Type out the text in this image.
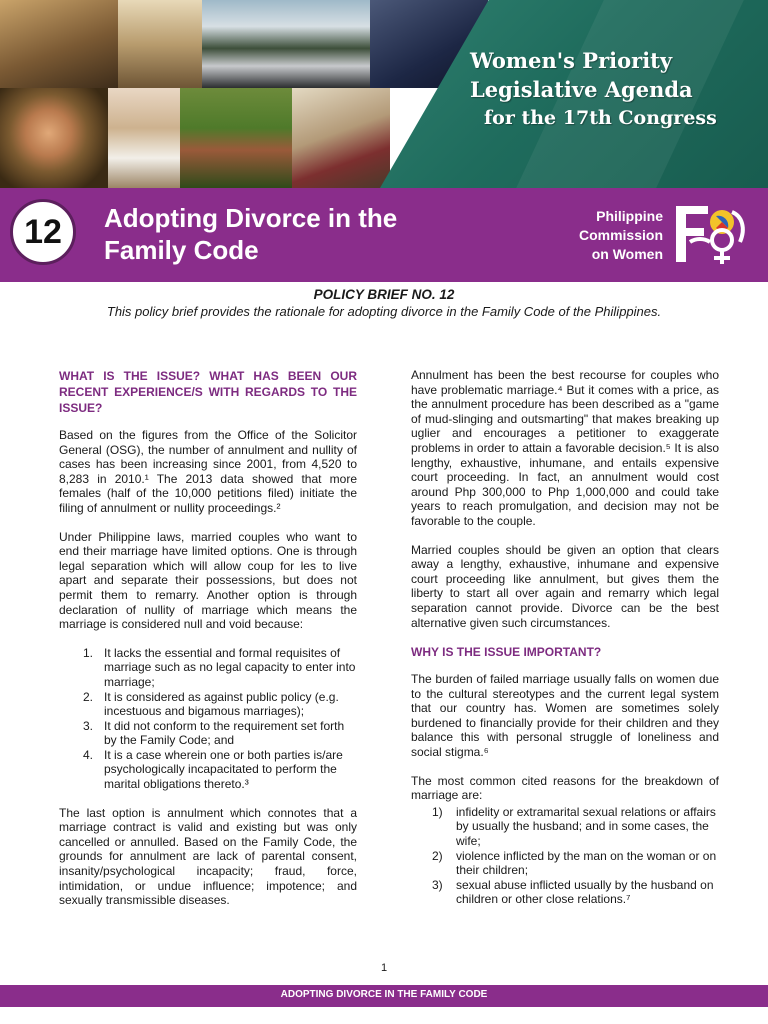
Women's Priority
Legislative Agenda
for the 17th Congress
12	Adopting Divorce in the
Family Code
Philippine
Commission
on Women
POLICY BRIEF NO. 12
This policy brief provides the rationale for adopting divorce in the Family Code of the Philippines.
WHAT IS THE ISSUE? WHAT HAS BEEN OUR RECENT EXPERIENCE/S WITH REGARDS TO THE ISSUE?

Based on the figures from the Office of the Solicitor General (OSG), the number of annulment and nullity of cases has been increasing since 2001, from 4,520 to 8,283 in 2010.¹ The 2013 data showed that more females (half of the 10,000 petitions filed) initiate the filing of annulment or nullity proceedings.²

Under Philippine laws, married couples who want to end their marriage have limited options. One is through legal separation which will allow coup for les to live apart and separate their possessions, but does not permit them to remarry. Another option is through declaration of nullity of marriage which means the marriage is considered null and void because:

1. It lacks the essential and formal requisites of marriage such as no legal capacity to enter into marriage;
2. It is considered as against public policy (e.g. incestuous and bigamous marriages);
3. It did not conform to the requirement set forth by the Family Code; and
4. It is a case wherein one or both parties is/are psychologically incapacitated to perform the marital obligations thereto.³

The last option is annulment which connotes that a marriage contract is valid and existing but was only cancelled or annulled. Based on the Family Code, the grounds for annulment are lack of parental consent, insanity/psychological incapacity; fraud, force, intimidation, or undue influence; impotence; and sexually transmissible diseases.

Annulment has been the best recourse for couples who have problematic marriage.⁴ But it comes with a price, as the annulment procedure has been described as a "game of mud-slinging and outsmarting" that makes breaking up uglier and encourages a petitioner to exaggerate problems in order to attain a favorable decision.⁵ It is also lengthy, exhaustive, inhumane, and entails expensive court proceeding. In fact, an annulment would cost around Php 300,000 to Php 1,000,000 and could take years to reach promulgation, and decision may not be favorable to the couple.

Married couples should be given an option that clears away a lengthy, exhaustive, inhumane and expensive court proceeding like annulment, but gives them the liberty to start all over again and remarry which legal separation cannot provide. Divorce can be the best alternative given such circumstances.

WHY IS THE ISSUE IMPORTANT?

The burden of failed marriage usually falls on women due to the cultural stereotypes and the current legal system that our country has. Women are sometimes solely burdened to financially provide for their children and they balance this with personal struggle of loneliness and social stigma.⁶

The most common cited reasons for the breakdown of marriage are:

1) infidelity or extramarital sexual relations or affairs by usually the husband; and in some cases, the wife;
2) violence inflicted by the man on the woman or on their children;
3) sexual abuse inflicted usually by the husband on children or other close relations.⁷
1
ADOPTING DIVORCE IN THE FAMILY CODE
